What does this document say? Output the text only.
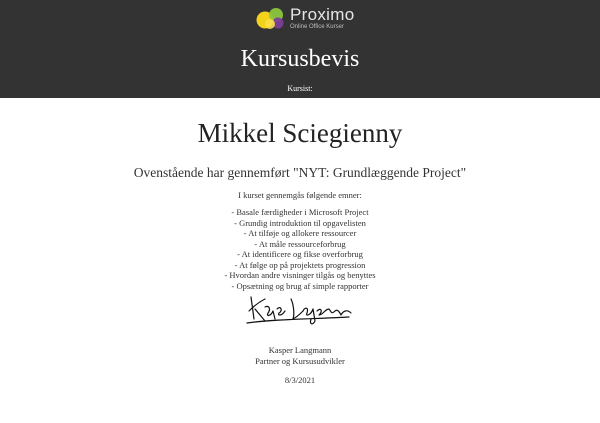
Proximo
Online Office Kurser
Kursusbevis
Kursist:
Mikkel Sciegienny
Ovenstående har gennemført "NYT: Grundlæggende Project"
I kurset gennemgås følgende emner:
- Basale færdigheder i Microsoft Project
- Grundig introduktion til opgavelisten
- At tilføje og allokere ressourcer
- At måle ressourceforbrug
- At identificere og fikse overforbrug
- At følge op på projektets progression
- Hvordan andre visninger tilgås og benyttes
- Opsætning og brug af simple rapporter
Kasper Langmann
Partner og Kursusudvikler
8/3/2021
